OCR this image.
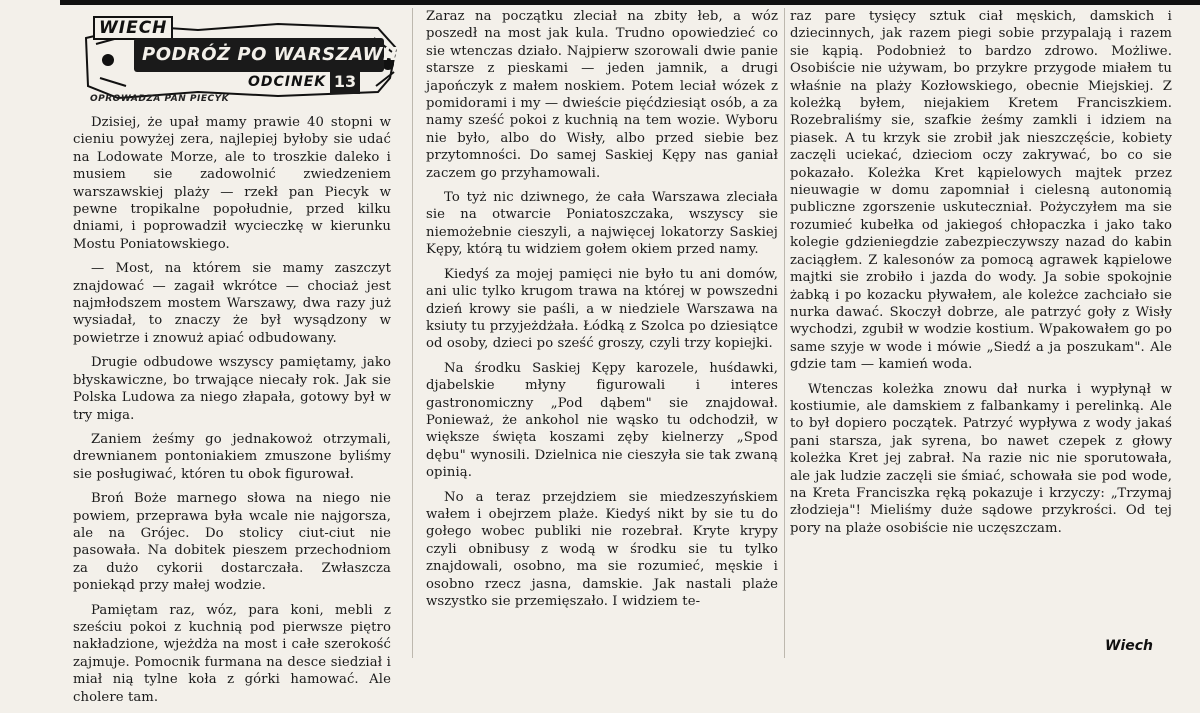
WIECH
PODRÓŻ PO WARSZAWIE
ODCINEK 13
OPROWADZA PAN PIECYK

Dzisiej, że upał mamy prawie 40 stopni w cieniu powyżej zera, najlepiej byłoby sie udać na Lodowate Morze, ale to troszkie daleko i musiem sie zadowolnić zwiedzeniem warszawskiej plaży — rzekł pan Piecyk w pewne tropikalne popołudnie, przed kilku dniami, i poprowadził wycieczkę w kierunku Mostu Poniatowskiego.

— Most, na którem sie mamy zaszczyt znajdować — zagaił wkrótce — chociaż jest najmłodszem mostem Warszawy, dwa razy już wysiadał, to znaczy że był wysądzony w powietrze i znowuż apiać odbudowany.

Drugie odbudowe wszyscy pamiętamy, jako błyskawiczne, bo trwające niecały rok. Jak sie Polska Ludowa za niego złapała, gotowy był w try miga.

Zaniem żeśmy go jednakowoż otrzymali, drewnianem pontoniakiem zmuszone byliśmy sie posługiwać, któren tu obok figurował.

Broń Boże marnego słowa na niego nie powiem, przeprawa była wcale nie najgorsza, ale na Grójec. Do stolicy ciut-ciut nie pasowała. Na dobitek pieszem przechodniom za dużo cykorii dostarczała. Zwłaszcza poniekąd przy małej wodzie.

Pamiętam raz, wóz, para koni, mebli z sześciu pokoi z kuchnią pod pierwsze piętro nakładzione, wjeżdża na most i całe szerokość zajmuje. Pomocnik furmana na desce siedział i miał nią tylne koła z górki hamować. Ale cholere tam.

Zaraz na początku zleciał na zbity łeb, a wóz poszedł na most jak kula. Trudno opowiedzieć co sie wtenczas działo. Najpierw szorowali dwie panie starsze z pieskami — jeden jamnik, a drugi japończyk z małem noskiem. Potem leciał wózek z pomidorami i my — dwieście pięćdziesiąt osób, a za namy sześć pokoi z kuchnią na tem wozie. Wyboru nie było, albo do Wisły, albo przed siebie bez przytomności. Do samej Saskiej Kępy nas ganiał zaczem go przyhamowali.

To tyż nic dziwnego, że cała Warszawa zleciała sie na otwarcie Poniatoszczaka, wszyscy sie niemożebnie cieszyli, a najwięcej lokatorzy Saskiej Kępy, którą tu widziem gołem okiem przed namy.

Kiedyś za mojej pamięci nie było tu ani domów, ani ulic tylko krugom trawa na której w powszedni dzień krowy sie paśli, a w niedziele Warszawa na ksiuty tu przyjeżdżała. Łódką z Szolca po dziesiątce od osoby, dzieci po sześć groszy, czyli trzy kopiejki.

Na środku Saskiej Kępy karozele, huśdawki, djabelskie młyny figurowali i interes gastronomiczny „Pod dąbem" sie znajdował. Ponieważ, że ankohol nie wąsko tu odchodził, w większe święta koszami zęby kielnerzy „Spod dębu" wynosili. Dzielnica nie cieszyła sie tak zwaną opinią.

No a teraz przejdziem sie miedzeszyńskiem wałem i obejrzem plaże. Kiedyś nikt by sie tu do gołego wobec publiki nie rozebrał. Kryte krypy czyli obnibusy z wodą w środku sie tu tylko znajdowali, osobno, ma sie rozumieć, męskie i osobno rzecz jasna, damskie. Jak nastali plaże wszystko sie przemięszało. I widziem te-

raz pare tysięcy sztuk ciał męskich, damskich i dziecinnych, jak razem piegi sobie przypalają i razem sie kąpią. Podobnież to bardzo zdrowo. Możliwe. Osobiście nie używam, bo przykre przygode miałem tu właśnie na plaży Kozłowskiego, obecnie Miejskiej. Z koleżką byłem, niejakiem Kretem Franciszkiem. Rozebraliśmy sie, szafkie żeśmy zamkli i idziem na piasek. A tu krzyk sie zrobił jak nieszczęście, kobiety zaczęli uciekać, dzieciom oczy zakrywać, bo co sie pokazało. Koleżka Kret kąpielowych majtek przez nieuwagie w domu zapomniał i cielesną autonomią publiczne zgorszenie uskuteczniał. Pożyczyłem ma sie rozumieć kubełka od jakiegoś chłopaczka i jako tako kolegie gdzieniegdzie zabezpieczywszy nazad do kabin zaciągłem. Z kalesonów za pomocą agrawek kąpielowe majtki sie zrobiło i jazda do wody. Ja sobie spokojnie żabką i po kozacku pływałem, ale koleżce zachciało sie nurka dawać. Skoczył dobrze, ale patrzyć goły z Wisły wychodzi, zgubił w wodzie kostium. Wpakowałem go po same szyje w wode i mówie „Siedź a ja poszukam". Ale gdzie tam — kamień woda.

Wtenczas koleżka znowu dał nurka i wypłynął w kostiumie, ale damskiem z falbankamy i perelinką. Ale to był dopiero początek. Patrzyć wypływa z wody jakaś pani starsza, jak syrena, bo nawet czepek z głowy koleżka Kret jej zabrał. Na razie nic nie sporutowała, ale jak ludzie zaczęli sie śmiać, schowała sie pod wode, na Kreta Franciszka ręką pokazuje i krzyczy: „Trzymaj złodzieja"! Mieliśmy duże sądowe przykrości. Od tej pory na plaże osobiście nie uczęszczam.

Wiech
